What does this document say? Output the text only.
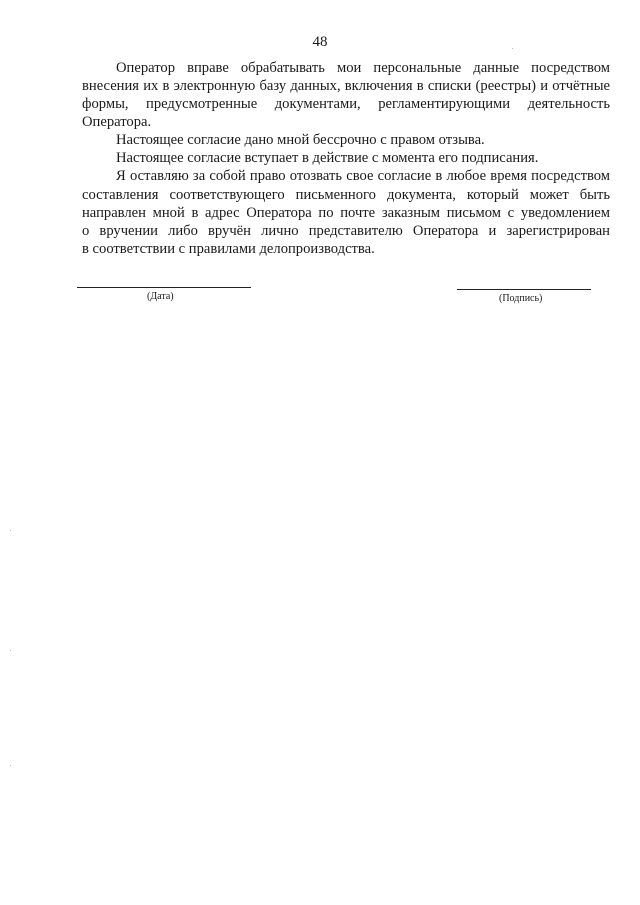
48
Оператор вправе обрабатывать мои персональные данные посредством
внесения их в электронную базу данных, включения в списки (реестры) и отчётные
формы, предусмотренные документами, регламентирующими деятельность
Оператора.
Настоящее согласие дано мной бессрочно с правом отзыва.
Настоящее согласие вступает в действие с момента его подписания.
Я оставляю за собой право отозвать свое согласие в любое время посредством
составления соответствующего письменного документа, который может быть
направлен мной в адрес Оператора по почте заказным письмом с уведомлением
о вручении либо вручён лично представителю Оператора и зарегистрирован
в соответствии с правилами делопроизводства.
(Дата)	(Подпись)
